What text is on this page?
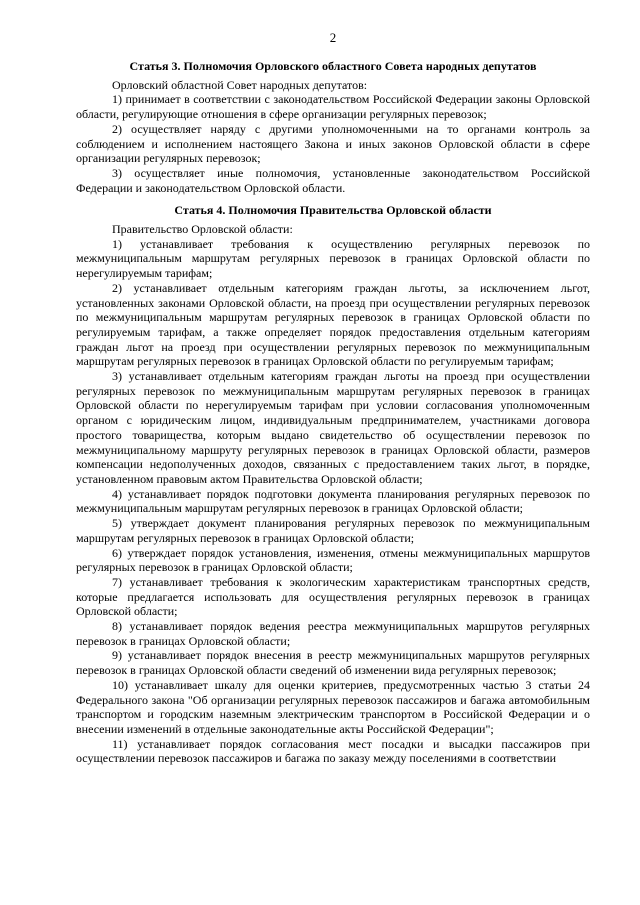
2
Статья 3. Полномочия Орловского областного Совета народных депутатов

Орловский областной Совет народных депутатов:

1) принимает в соответствии с законодательством Российской Федерации законы Орловской области, регулирующие отношения в сфере организации регулярных перевозок;

2) осуществляет наряду с другими уполномоченными на то органами контроль за соблюдением и исполнением настоящего Закона и иных законов Орловской области в сфере организации регулярных перевозок;

3) осуществляет иные полномочия, установленные законодательством Российской Федерации и законодательством Орловской области.

Статья 4. Полномочия Правительства Орловской области

Правительство Орловской области:

1) устанавливает требования к осуществлению регулярных перевозок по межмуниципальным маршрутам регулярных перевозок в границах Орловской области по нерегулируемым тарифам;

2) устанавливает отдельным категориям граждан льготы, за исключением льгот, установленных законами Орловской области, на проезд при осуществлении регулярных перевозок по межмуниципальным маршрутам регулярных перевозок в границах Орловской области по регулируемым тарифам, а также определяет порядок предоставления отдельным категориям граждан льгот на проезд при осуществлении регулярных перевозок по межмуниципальным маршрутам регулярных перевозок в границах Орловской области по регулируемым тарифам;

3) устанавливает отдельным категориям граждан льготы на проезд при осуществлении регулярных перевозок по межмуниципальным маршрутам регулярных перевозок в границах Орловской области по нерегулируемым тарифам при условии согласования уполномоченным органом с юридическим лицом, индивидуальным предпринимателем, участниками договора простого товарищества, которым выдано свидетельство об осуществлении перевозок по межмуниципальному маршруту регулярных перевозок в границах Орловской области, размеров компенсации недополученных доходов, связанных с предоставлением таких льгот, в порядке, установленном правовым актом Правительства Орловской области;

4) устанавливает порядок подготовки документа планирования регулярных перевозок по межмуниципальным маршрутам регулярных перевозок в границах Орловской области;

5) утверждает документ планирования регулярных перевозок по межмуниципальным маршрутам регулярных перевозок в границах Орловской области;

6) утверждает порядок установления, изменения, отмены межмуниципальных маршрутов регулярных перевозок в границах Орловской области;

7) устанавливает требования к экологическим характеристикам транспортных средств, которые предлагается использовать для осуществления регулярных перевозок в границах Орловской области;

8) устанавливает порядок ведения реестра межмуниципальных маршрутов регулярных перевозок в границах Орловской области;

9) устанавливает порядок внесения в реестр межмуниципальных маршрутов регулярных перевозок в границах Орловской области сведений об изменении вида регулярных перевозок;

10) устанавливает шкалу для оценки критериев, предусмотренных частью 3 статьи 24 Федерального закона "Об организации регулярных перевозок пассажиров и багажа автомобильным транспортом и городским наземным электрическим транспортом в Российской Федерации и о внесении изменений в отдельные законодательные акты Российской Федерации";

11) устанавливает порядок согласования мест посадки и высадки пассажиров при осуществлении перевозок пассажиров и багажа по заказу между поселениями в соответствии
